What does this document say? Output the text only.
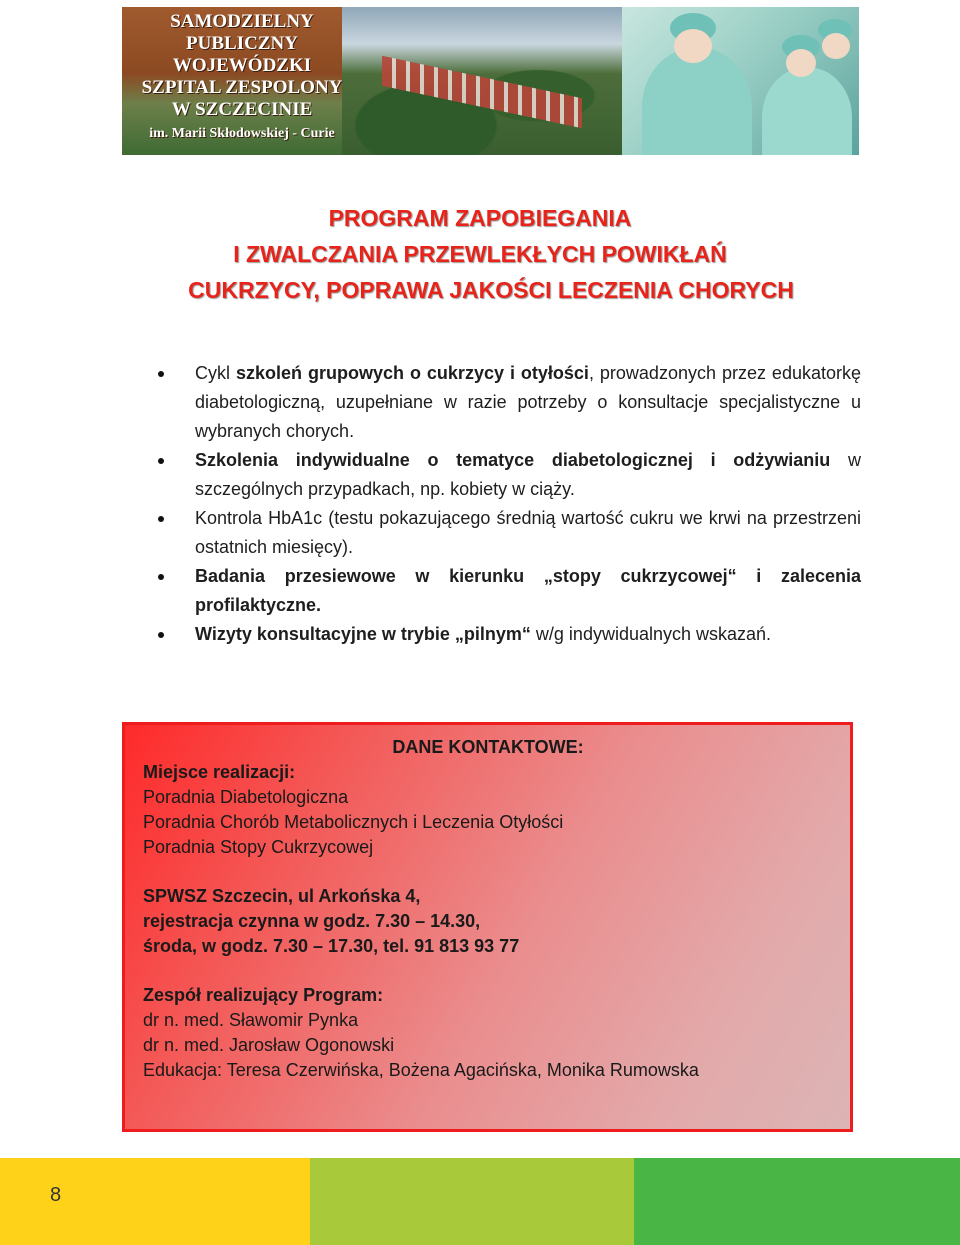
SAMODZIELNY
PUBLICZNY
WOJEWÓDZKI
SZPITAL ZESPOLONY
W SZCZECINIE
im. Marii Skłodowskiej - Curie
PROGRAM ZAPOBIEGANIA
I ZWALCZANIA PRZEWLEKŁYCH POWIKŁAŃ
CUKRZYCY, POPRAWA JAKOŚCI LECZENIA CHORYCH
Cykl szkoleń grupowych o cukrzycy i otyłości, prowadzonych przez edukatorkę diabetologiczną, uzupełniane w razie potrzeby o konsultacje specjalistyczne u wybranych chorych.
Szkolenia indywidualne o tematyce diabetologicznej i odżywianiu w szczególnych przypadkach, np. kobiety w ciąży.
Kontrola HbA1c (testu pokazującego średnią wartość cukru we krwi na przestrzeni ostatnich miesięcy).
Badania przesiewowe w kierunku „stopy cukrzycowej“ i zalecenia profilaktyczne.
Wizyty konsultacyjne w trybie „pilnym“ w/g indywidualnych wskazań.
DANE KONTAKTOWE:
Miejsce realizacji:
Poradnia Diabetologiczna
Poradnia Chorób Metabolicznych i Leczenia Otyłości
Poradnia Stopy Cukrzycowej
SPWSZ Szczecin, ul Arkońska 4,
rejestracja czynna w godz. 7.30 – 14.30,
środa, w godz. 7.30 – 17.30, tel. 91 813 93 77
Zespół realizujący Program:
dr n. med. Sławomir Pynka
dr n. med. Jarosław Ogonowski
Edukacja: Teresa Czerwińska, Bożena Agacińska, Monika Rumowska
8
